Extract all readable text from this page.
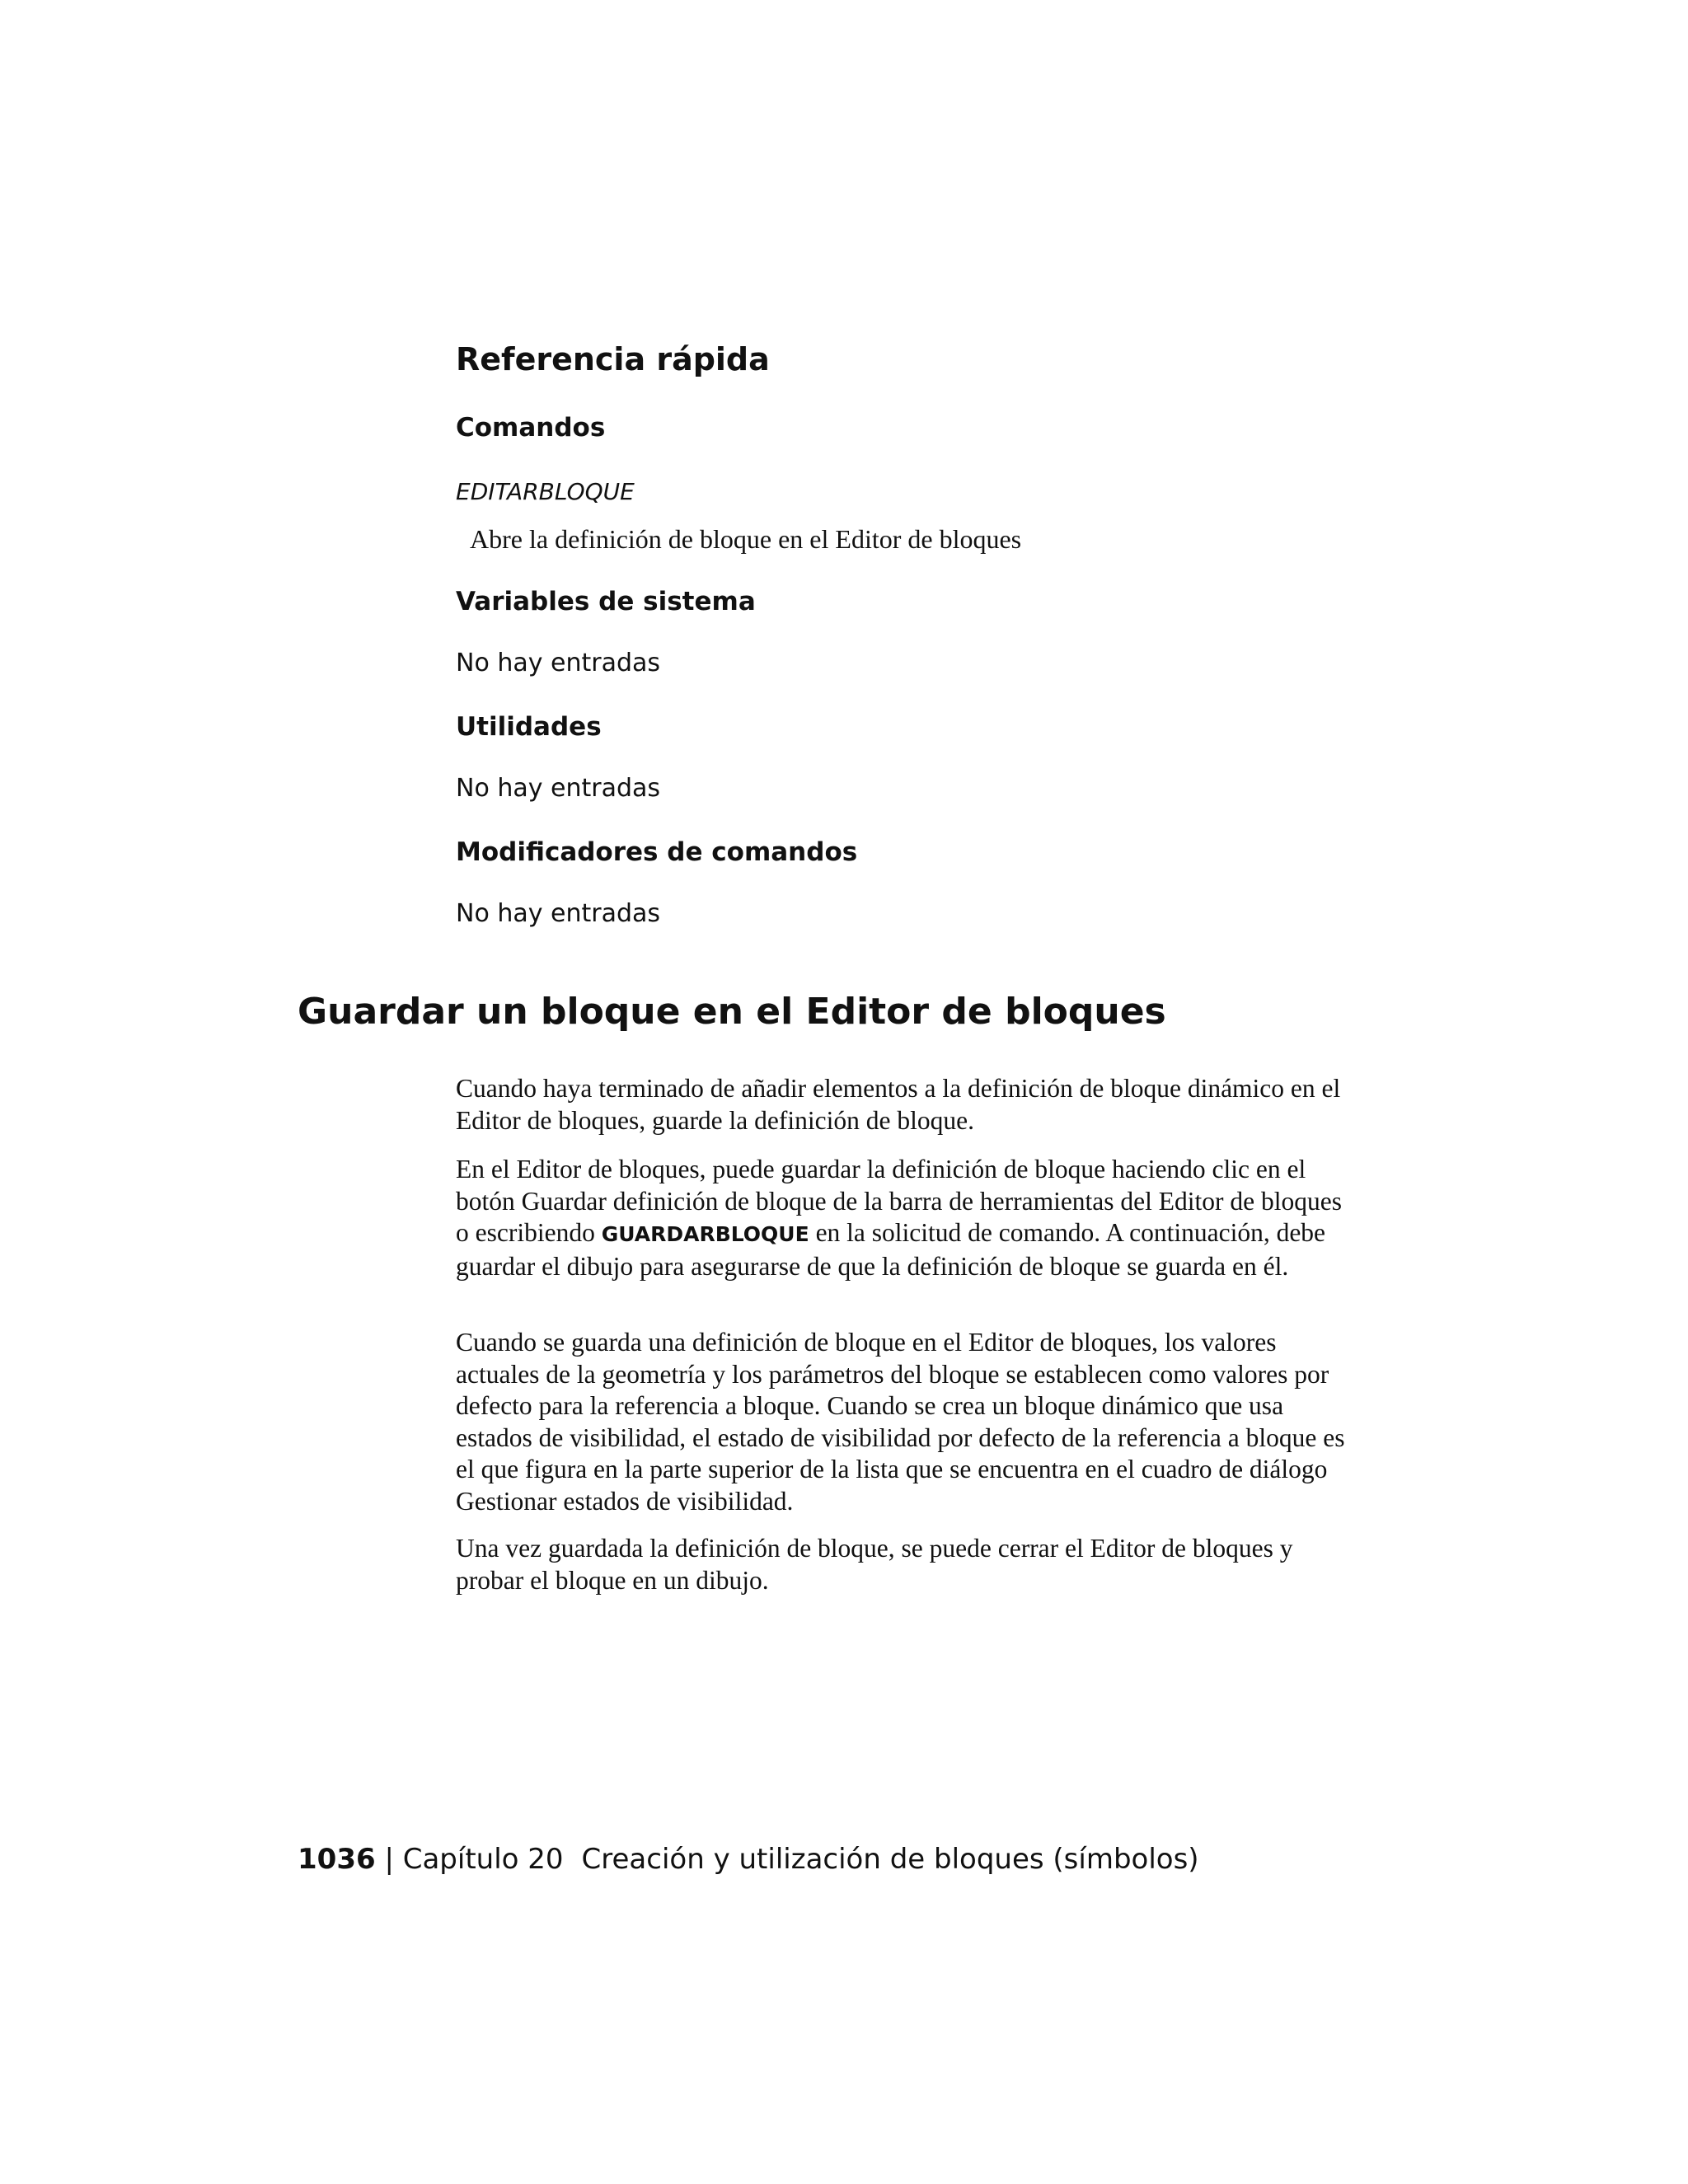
Referencia rápida
Comandos

EDITARBLOQUE

Abre la definición de bloque en el Editor de bloques

Variables de sistema

No hay entradas

Utilidades

No hay entradas

Modificadores de comandos

No hay entradas

Guardar un bloque en el Editor de bloques

Cuando haya terminado de añadir elementos a la definición de bloque dinámico en el Editor de bloques, guarde la definición de bloque.

En el Editor de bloques, puede guardar la definición de bloque haciendo clic en el botón Guardar definición de bloque de la barra de herramientas del Editor de bloques o escribiendo GUARDARBLOQUE en la solicitud de comando. A continuación, debe guardar el dibujo para asegurarse de que la definición de bloque se guarda en él.

Cuando se guarda una definición de bloque en el Editor de bloques, los valores actuales de la geometría y los parámetros del bloque se establecen como valores por defecto para la referencia a bloque. Cuando se crea un bloque dinámico que usa estados de visibilidad, el estado de visibilidad por defecto de la referencia a bloque es el que figura en la parte superior de la lista que se encuentra en el cuadro de diálogo Gestionar estados de visibilidad.

Una vez guardada la definición de bloque, se puede cerrar el Editor de bloques y probar el bloque en un dibujo.

1036 | Capítulo 20 Creación y utilización de bloques (símbolos)
